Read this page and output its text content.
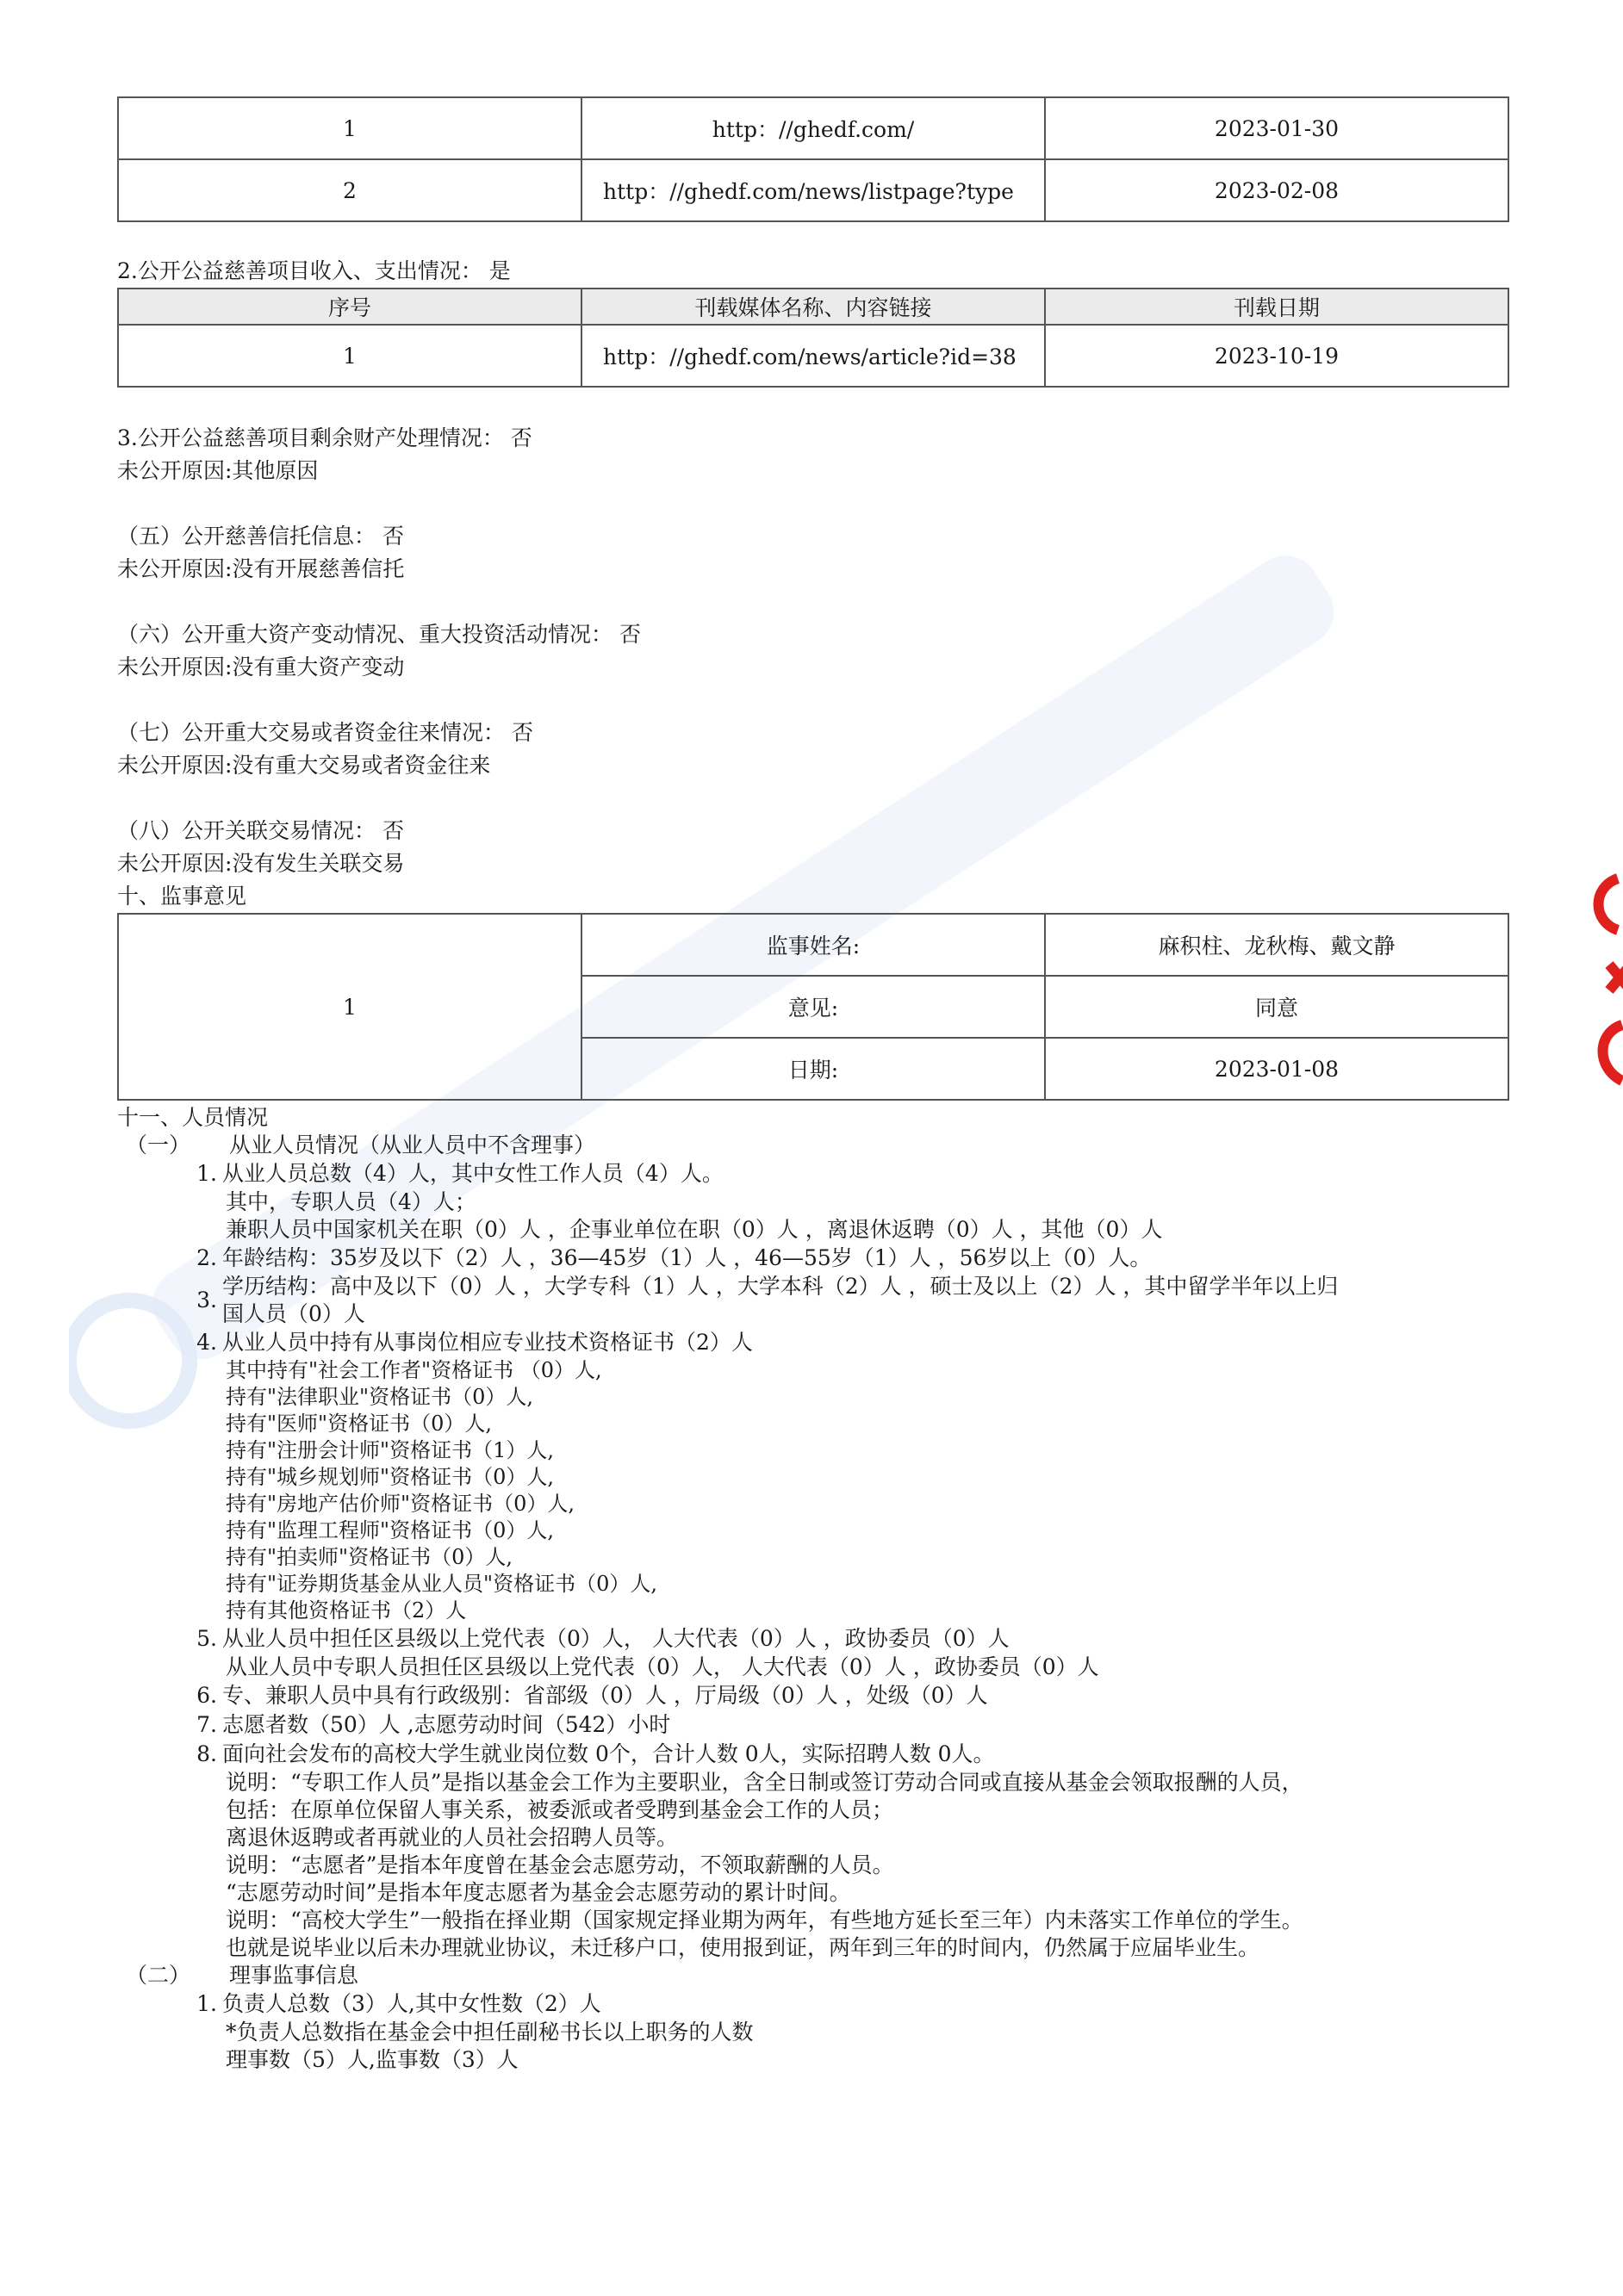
1	http：//ghedf.com/	2023-01-30
2	http：//ghedf.com/news/listpage?type	2023-02-08
2.公开公益慈善项目收入、支出情况： 是
序号	刊载媒体名称、内容链接	刊载日期
1	http：//ghedf.com/news/article?id=38	2023-10-19
3.公开公益慈善项目剩余财产处理情况： 否
未公开原因:其他原因
（五）公开慈善信托信息： 否
未公开原因:没有开展慈善信托
（六）公开重大资产变动情况、重大投资活动情况： 否
未公开原因:没有重大资产变动
（七）公开重大交易或者资金往来情况： 否
未公开原因:没有重大交易或者资金往来
（八）公开关联交易情况： 否
未公开原因:没有发生关联交易
十、监事意见
1	监事姓名:	麻积柱、龙秋梅、戴文静
	意见:	同意
	日期:	2023-01-08
十一、人员情况
（一）	从业人员情况（从业人员中不含理事）
1. 从业人员总数（4）人，其中女性工作人员（4）人。
其中，专职人员（4）人；
兼职人员中国家机关在职（0）人 ，企事业单位在职（0）人 ，离退休返聘（0）人 ，其他（0）人
2. 年龄结构：35岁及以下（2）人 ，36—45岁（1）人 ，46—55岁（1）人 ，56岁以上（0）人。
3.
学历结构：高中及以下（0）人 ，大学专科（1）人 ，大学本科（2）人 ，硕士及以上（2）人 ，其中留学半年以上归
国人员（0）人
4. 从业人员中持有从事岗位相应专业技术资格证书（2）人
其中持有"社会工作者"资格证书 （0）人,
持有"法律职业"资格证书（0）人,
持有"医师"资格证书（0）人,
持有"注册会计师"资格证书（1）人,
持有"城乡规划师"资格证书（0）人,
持有"房地产估价师"资格证书（0）人,
持有"监理工程师"资格证书（0）人,
持有"拍卖师"资格证书（0）人,
持有"证券期货基金从业人员"资格证书（0）人,
持有其他资格证书（2）人
5. 从业人员中担任区县级以上党代表（0）人， 人大代表（0）人 ，政协委员（0）人
从业人员中专职人员担任区县级以上党代表（0）人， 人大代表（0）人 ，政协委员（0）人
6. 专、兼职人员中具有行政级别：省部级（0）人 ，厅局级（0）人 ，处级（0）人
7. 志愿者数（50）人 ,志愿劳动时间（542）小时
8. 面向社会发布的高校大学生就业岗位数 0个，合计人数 0人，实际招聘人数 0人。
说明：“专职工作人员”是指以基金会工作为主要职业，含全日制或签订劳动合同或直接从基金会领取报酬的人员，
包括：在原单位保留人事关系，被委派或者受聘到基金会工作的人员；
离退休返聘或者再就业的人员社会招聘人员等。
说明：“志愿者”是指本年度曾在基金会志愿劳动，不领取薪酬的人员。
“志愿劳动时间”是指本年度志愿者为基金会志愿劳动的累计时间。
说明：“高校大学生”一般指在择业期（国家规定择业期为两年，有些地方延长至三年）内未落实工作单位的学生。
也就是说毕业以后未办理就业协议，未迁移户口，使用报到证，两年到三年的时间内，仍然属于应届毕业生。
（二）	理事监事信息
1. 负责人总数（3）人,其中女性数（2）人
*负责人总数指在基金会中担任副秘书长以上职务的人数
理事数（5）人,监事数（3）人
